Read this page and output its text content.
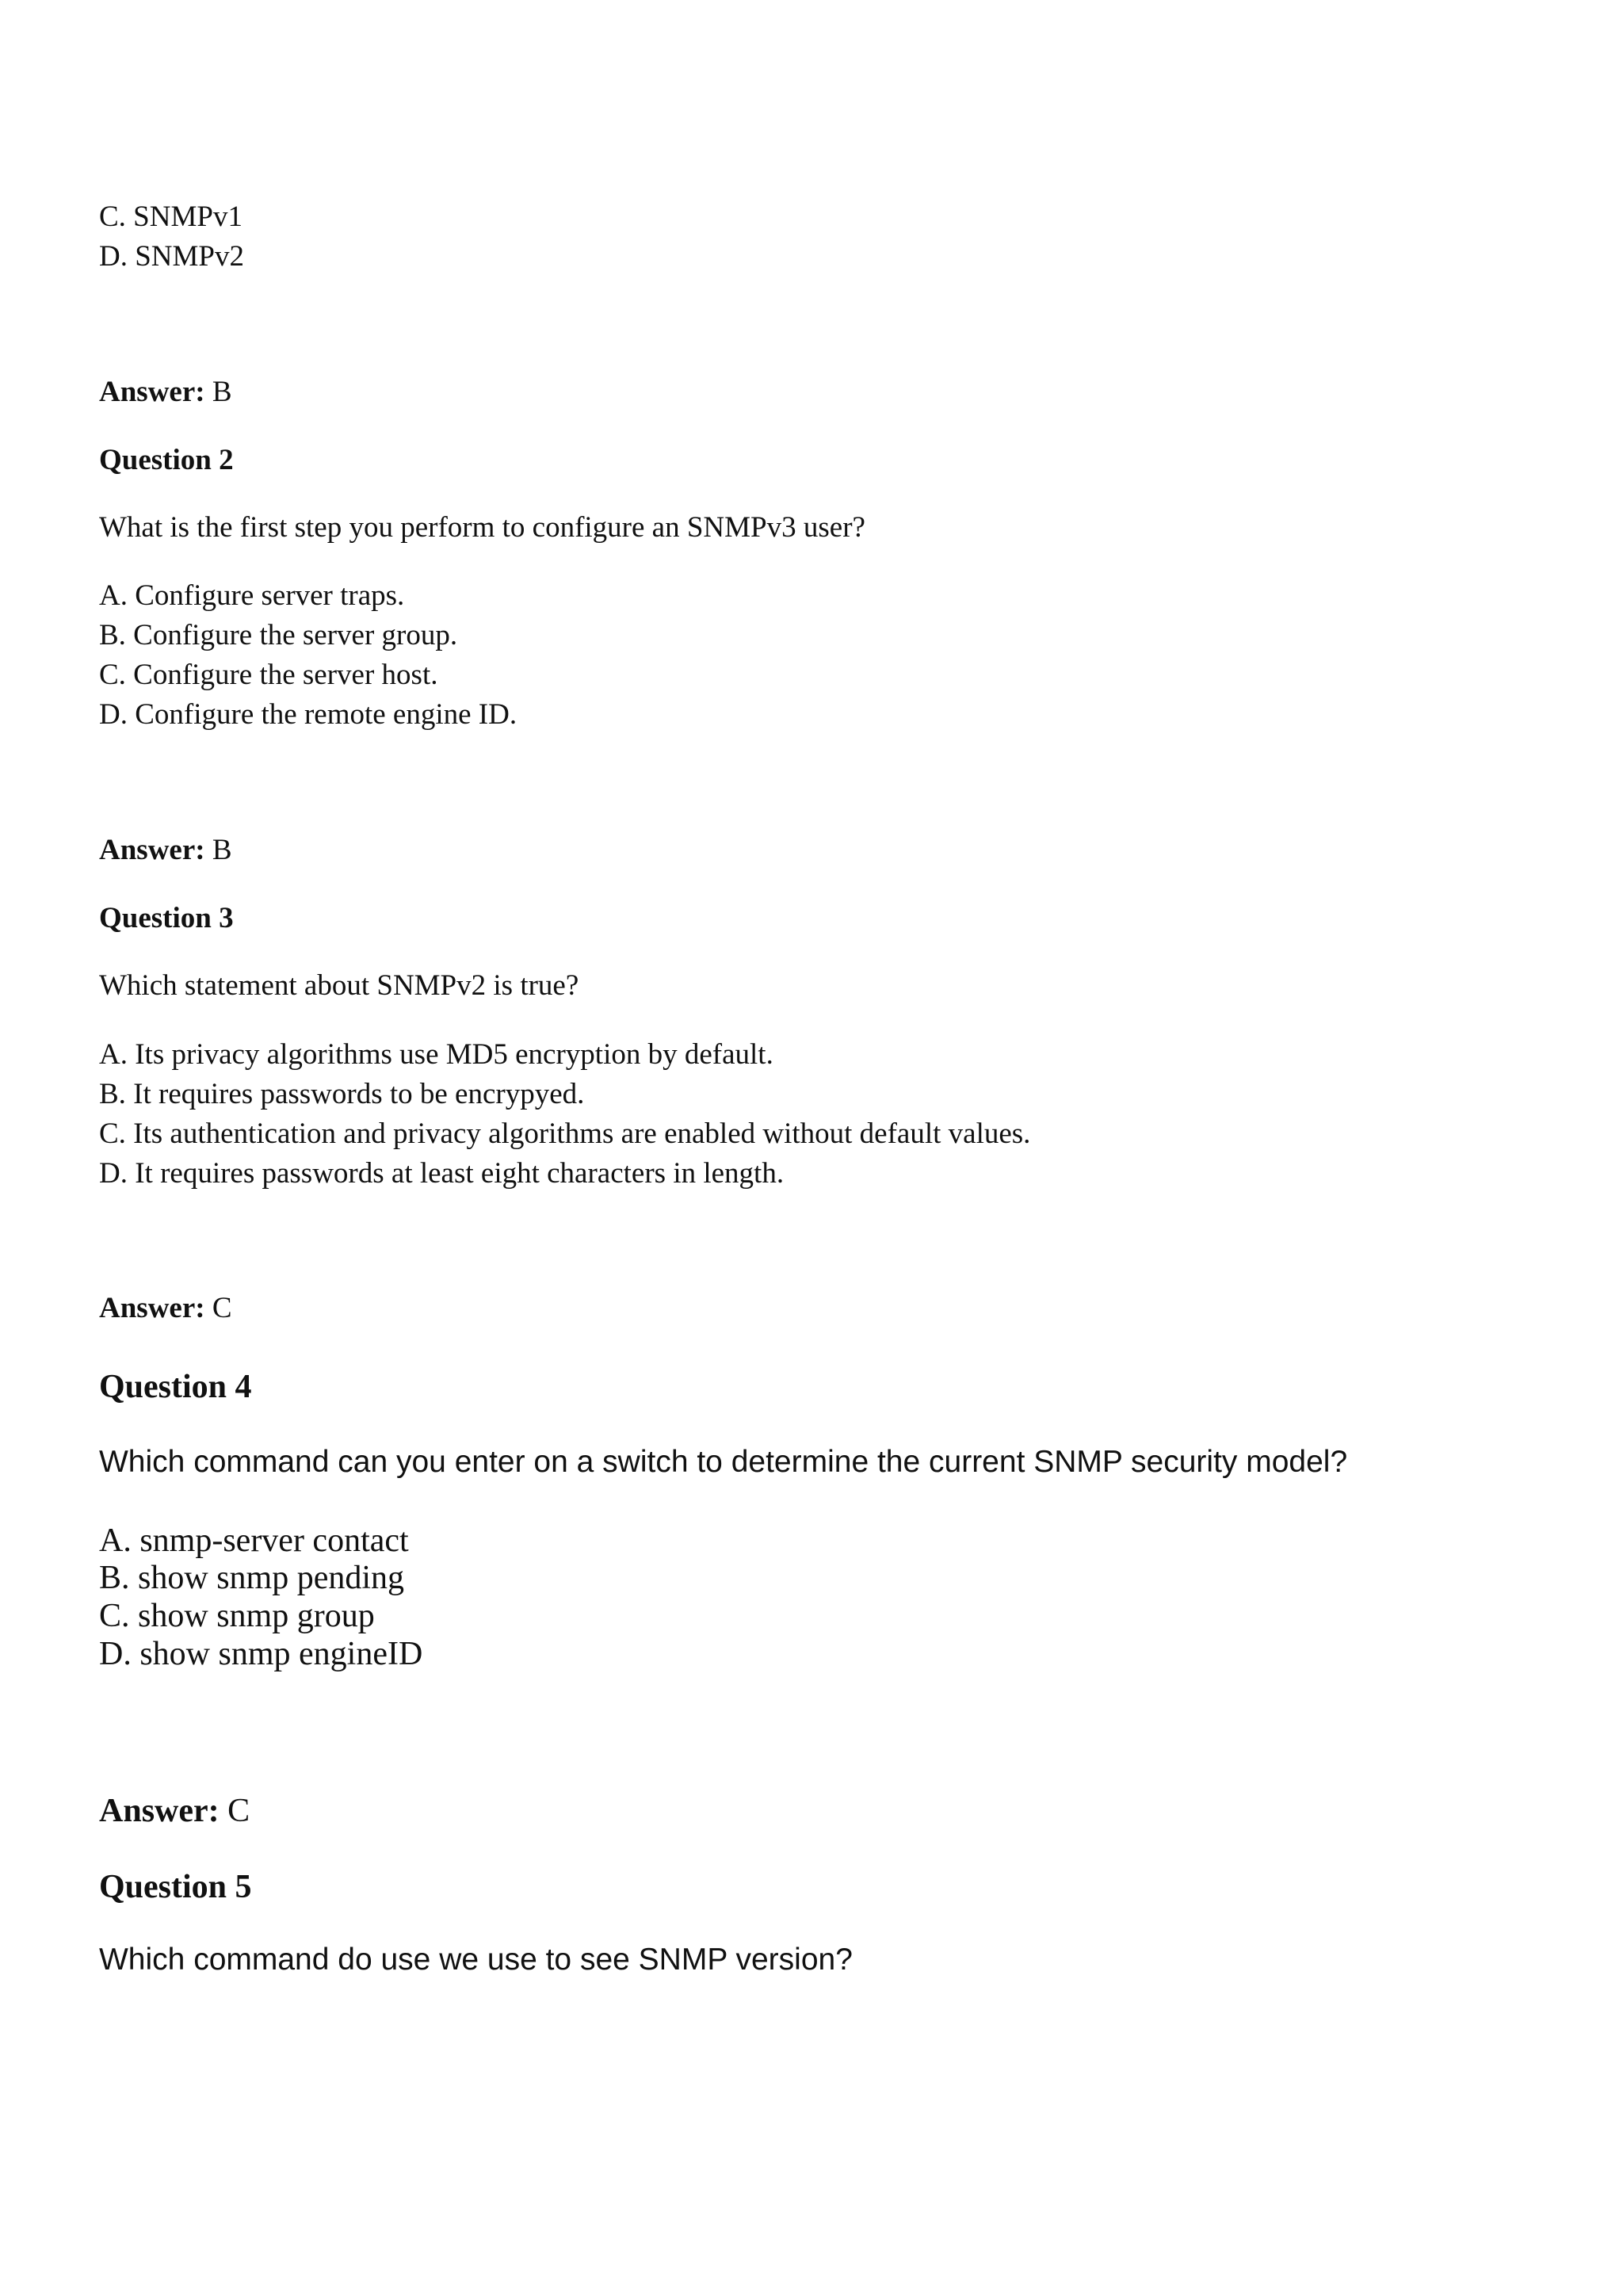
C. SNMPv1
D. SNMPv2
Answer: B
Question 2
What is the first step you perform to configure an SNMPv3 user?
A. Configure server traps.
B. Configure the server group.
C. Configure the server host.
D. Configure the remote engine ID.
Answer: B
Question 3
Which statement about SNMPv2 is true?
A. Its privacy algorithms use MD5 encryption by default.
B. It requires passwords to be encrypyed.
C. Its authentication and privacy algorithms are enabled without default values.
D. It requires passwords at least eight characters in length.
Answer: C
Question 4
Which command can you enter on a switch to determine the current SNMP security model?
A. snmp-server contact
B. show snmp pending
C. show snmp group
D. show snmp engineID
Answer: C
Question 5
Which command do use we use to see SNMP version?
